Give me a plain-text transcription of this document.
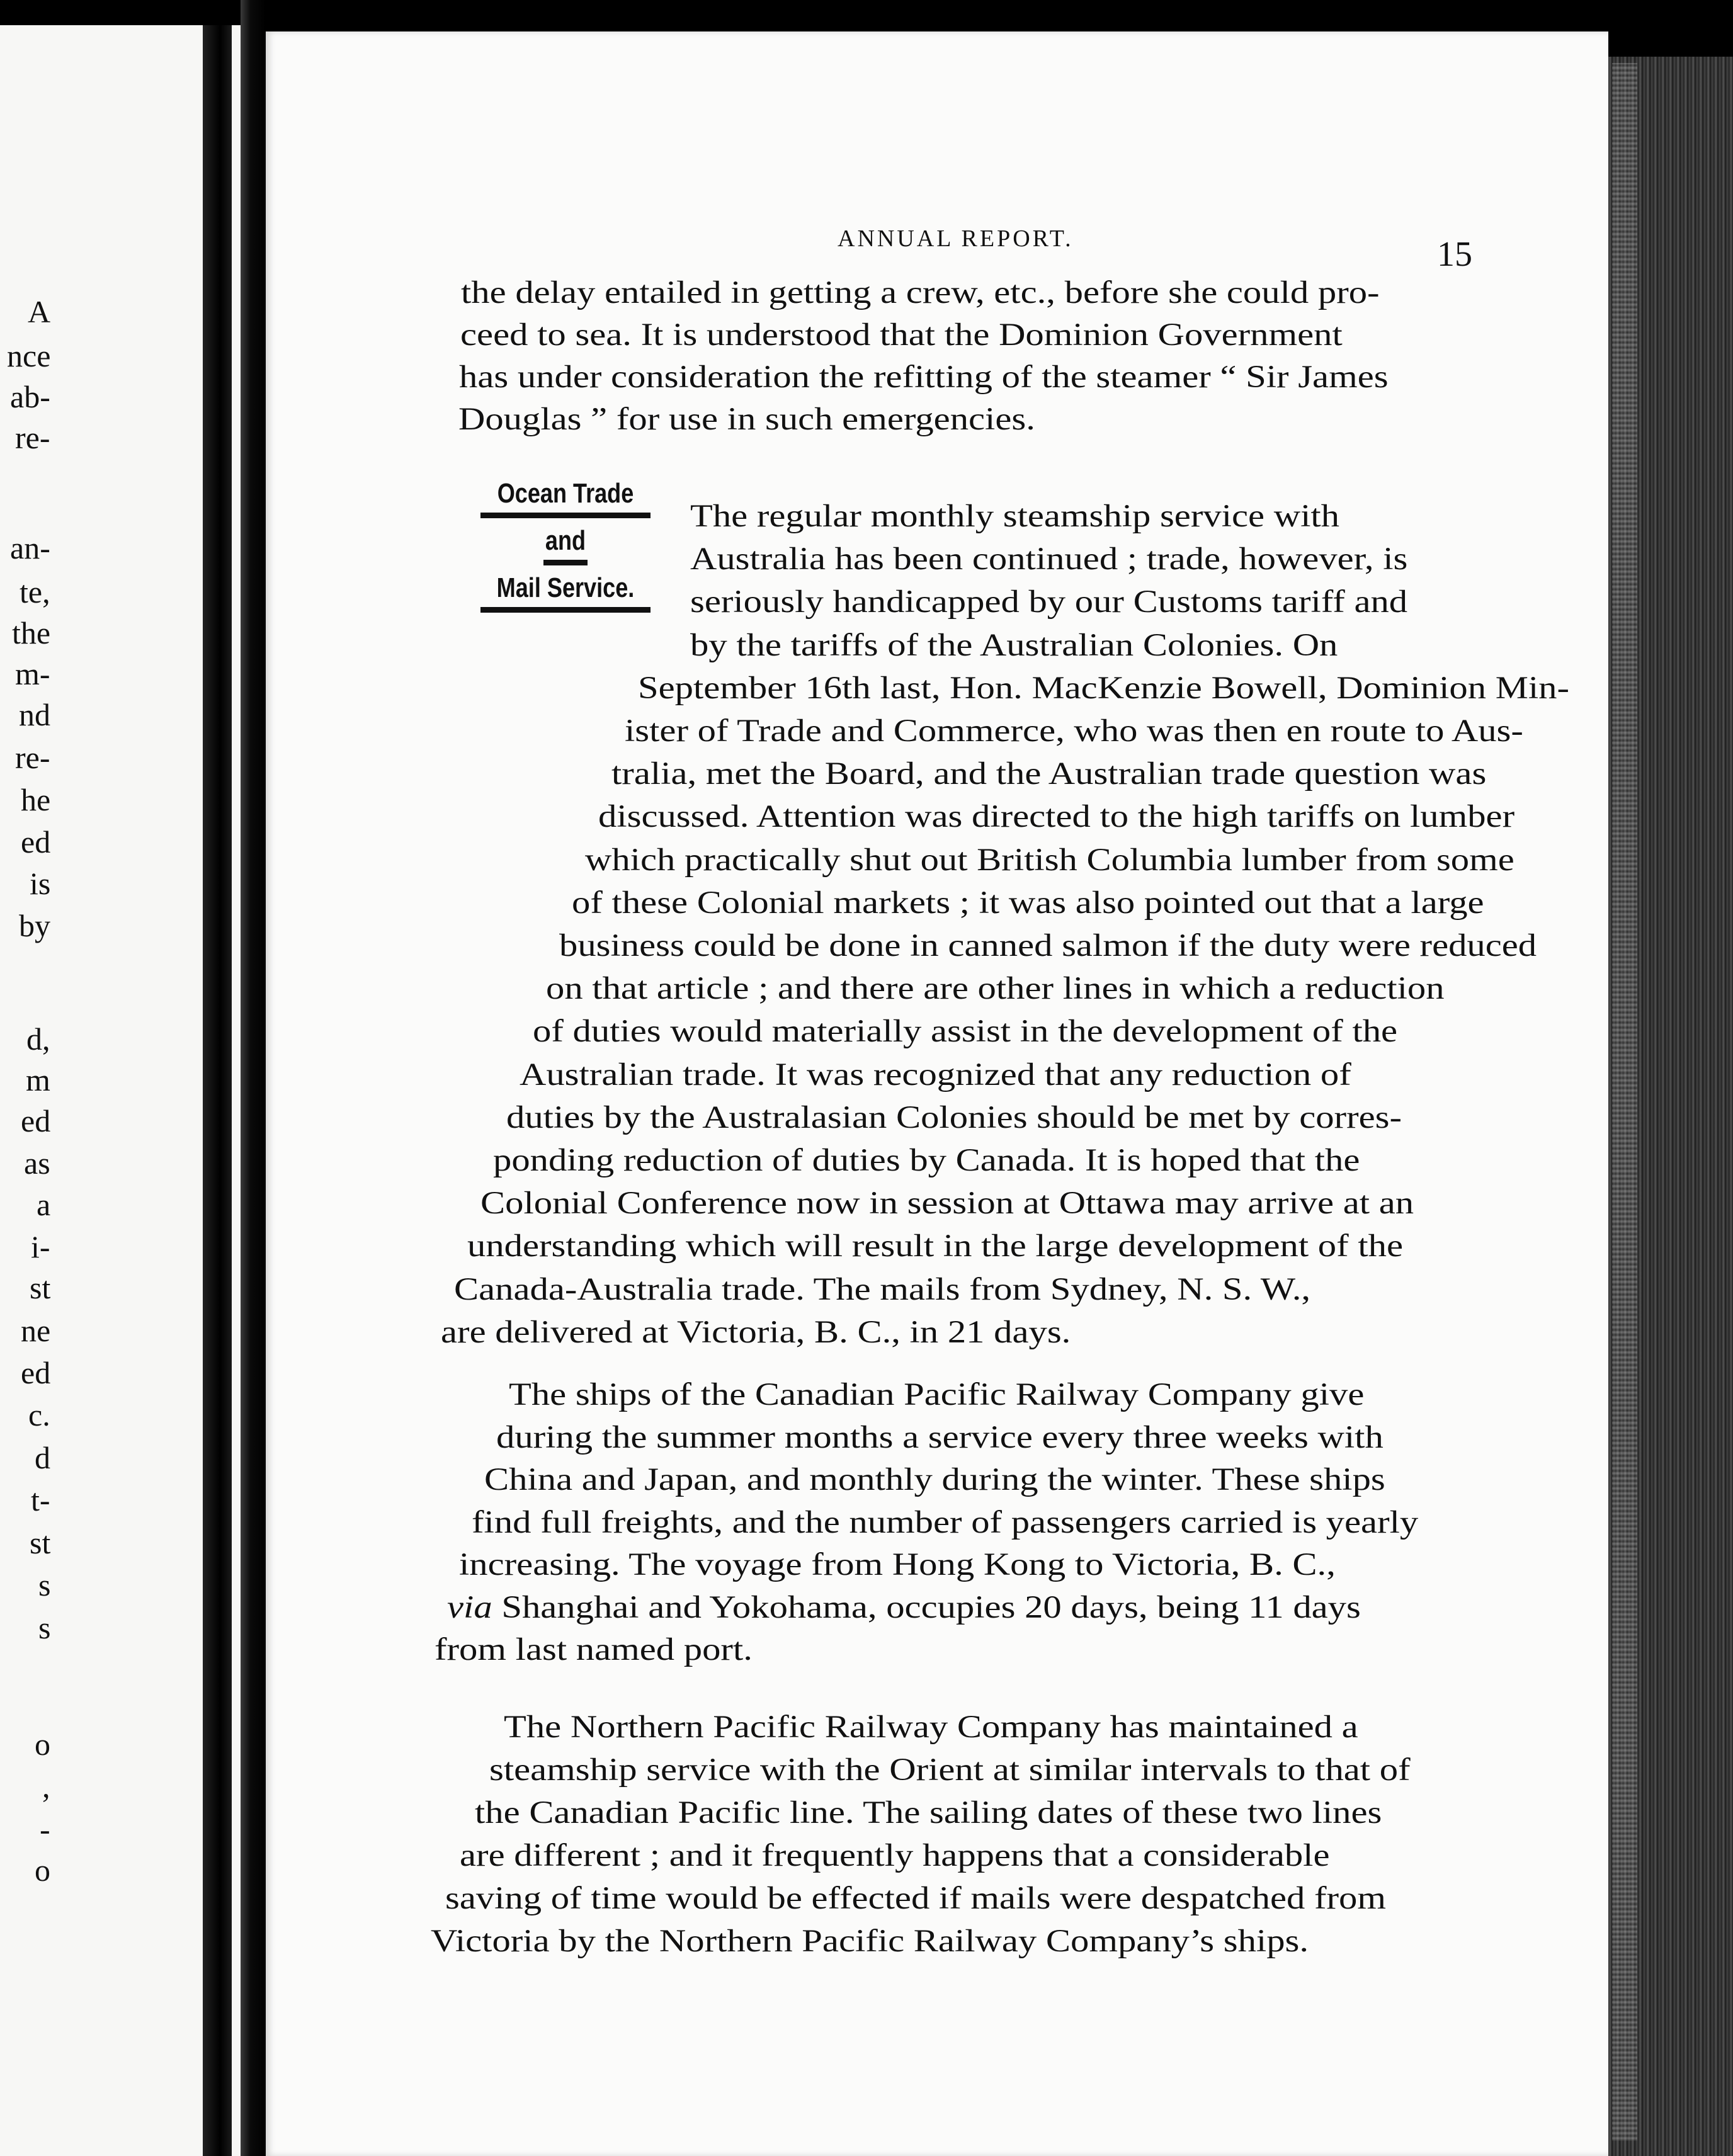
A
nce
ab-
re-
an-
te,
the
m-
nd
re-
he
ed
is
by
d,
m
ed
as
a
i-
st
ne
ed
c.
d
t-
st
s
s
o
,
-
o
ANNUAL REPORT.	15
Ocean Trade
and
Mail Service.
the delay entailed in getting a crew, etc., before she could pro-
ceed to sea. It is understood that the Dominion Government
has under consideration the refitting of the steamer “ Sir James
Douglas ” for use in such emergencies.
The regular monthly steamship service with
Australia has been continued ; trade, however, is
seriously handicapped by our Customs tariff and
by the tariffs of the Australian Colonies. On
September 16th last, Hon. MacKenzie Bowell, Dominion Min-
ister of Trade and Commerce, who was then en route to Aus-
tralia, met the Board, and the Australian trade question was
discussed. Attention was directed to the high tariffs on lumber
which practically shut out British Columbia lumber from some
of these Colonial markets ; it was also pointed out that a large
business could be done in canned salmon if the duty were reduced
on that article ; and there are other lines in which a reduction
of duties would materially assist in the development of the
Australian trade. It was recognized that any reduction of
duties by the Australasian Colonies should be met by corres-
ponding reduction of duties by Canada. It is hoped that the
Colonial Conference now in session at Ottawa may arrive at an
understanding which will result in the large development of the
Canada-Australia trade. The mails from Sydney, N. S. W.,
are delivered at Victoria, B. C., in 21 days.
The ships of the Canadian Pacific Railway Company give
during the summer months a service every three weeks with
China and Japan, and monthly during the winter. These ships
find full freights, and the number of passengers carried is yearly
increasing. The voyage from Hong Kong to Victoria, B. C.,
via Shanghai and Yokohama, occupies 20 days, being 11 days
from last named port.
The Northern Pacific Railway Company has maintained a
steamship service with the Orient at similar intervals to that of
the Canadian Pacific line. The sailing dates of these two lines
are different ; and it frequently happens that a considerable
saving of time would be effected if mails were despatched from
Victoria by the Northern Pacific Railway Company’s ships.
